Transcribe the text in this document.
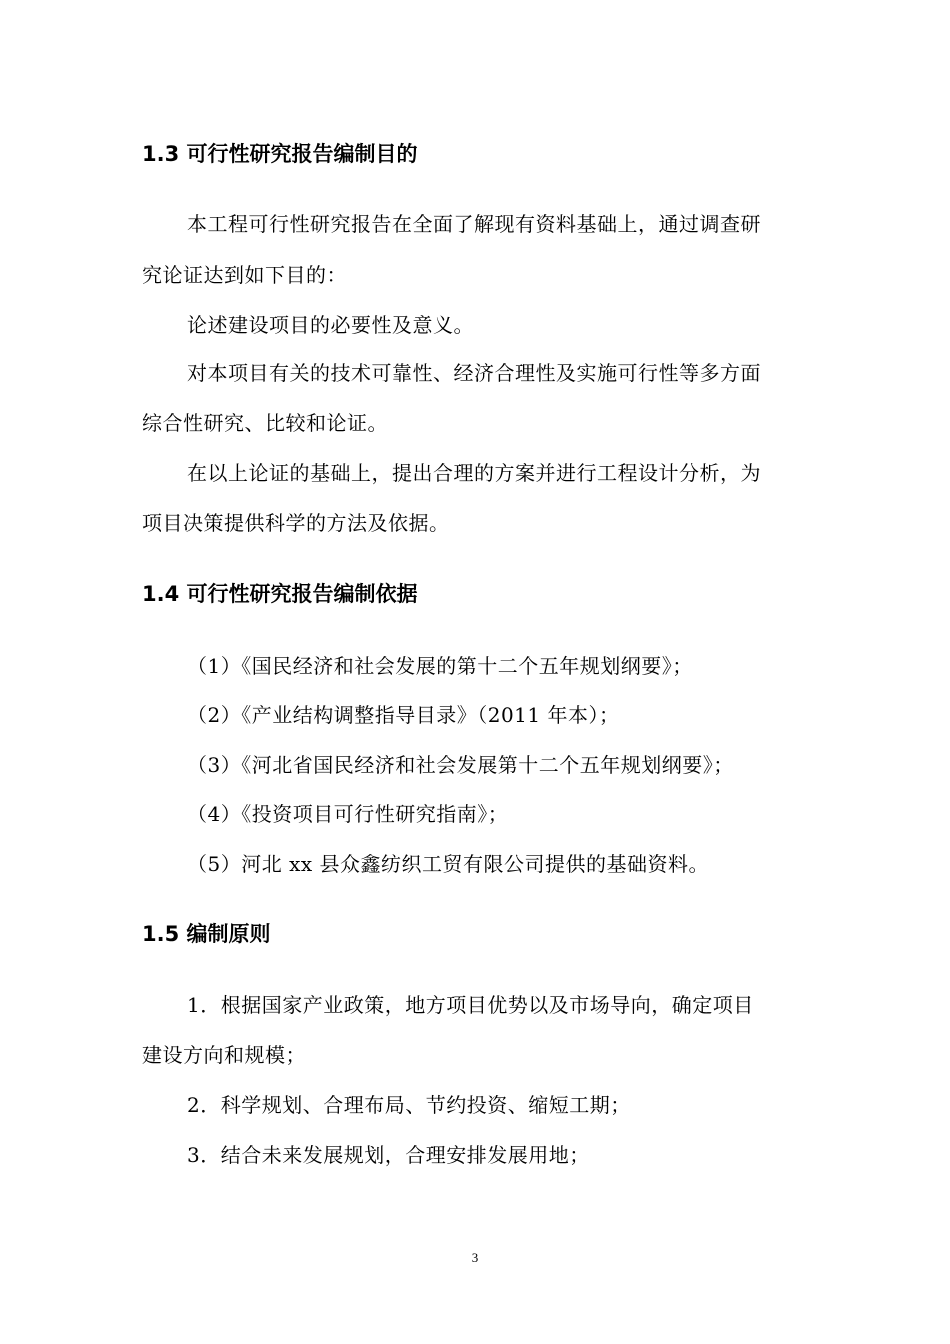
1.3 可行性研究报告编制目的
本工程可行性研究报告在全面了解现有资料基础上，通过调查研
究论证达到如下目的：
论述建设项目的必要性及意义。
对本项目有关的技术可靠性、经济合理性及实施可行性等多方面
综合性研究、比较和论证。
在以上论证的基础上，提出合理的方案并进行工程设计分析，为
项目决策提供科学的方法及依据。
1.4 可行性研究报告编制依据
（1）《国民经济和社会发展的第十二个五年规划纲要》；
（2）《产业结构调整指导目录》（2011 年本）；
（3）《河北省国民经济和社会发展第十二个五年规划纲要》；
（4）《投资项目可行性研究指南》；
（5）河北 xx 县众鑫纺织工贸有限公司提供的基础资料。
1.5 编制原则
1．根据国家产业政策，地方项目优势以及市场导向，确定项目
建设方向和规模；
2．科学规划、合理布局、节约投资、缩短工期；
3．结合未来发展规划，合理安排发展用地；
3
